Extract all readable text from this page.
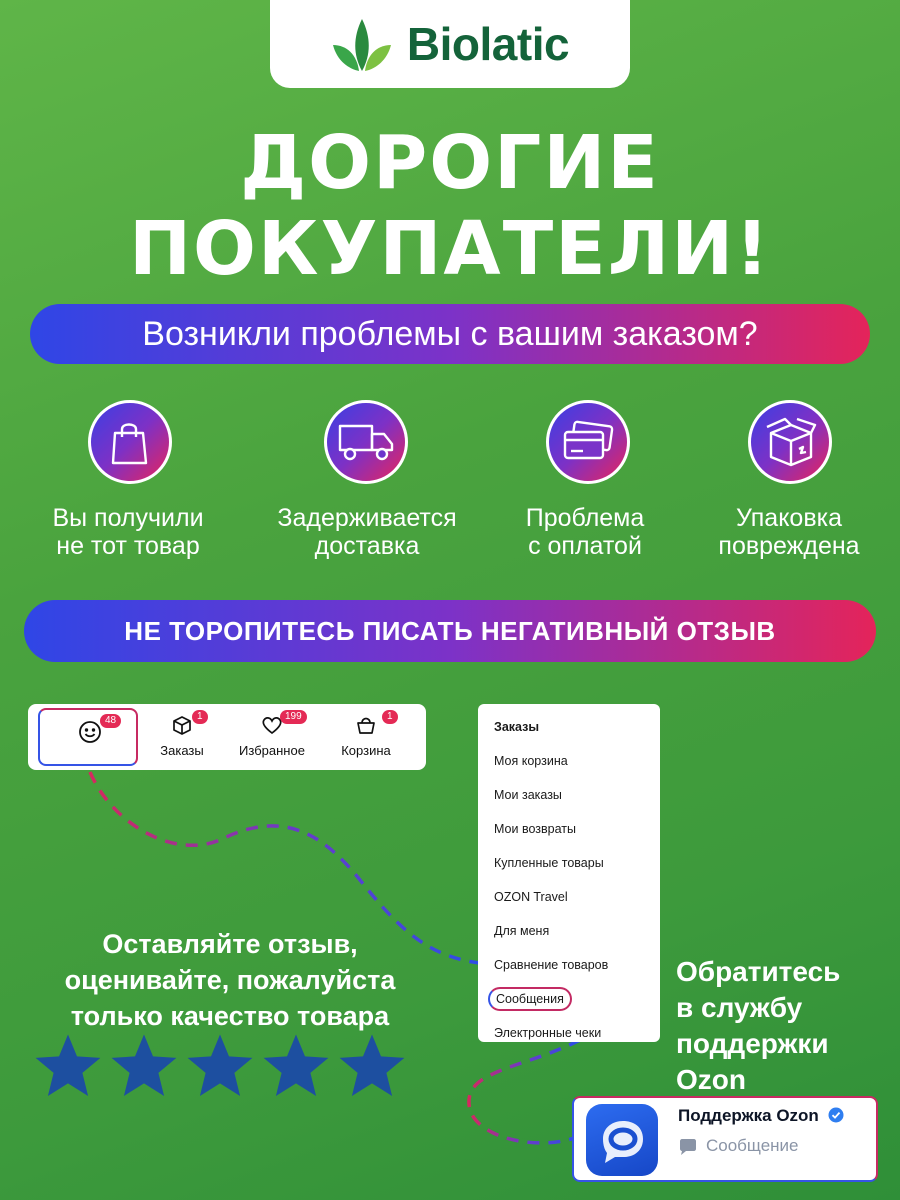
Biolatic
ДОРОГИЕ
ПОКУПАТЕЛИ!
Возникли проблемы с вашим заказом?
Вы получили
не тот товар
Задерживается
доставка
Проблема
с оплатой
Упаковка
повреждена
НЕ ТОРОПИТЕСЬ ПИСАТЬ НЕГАТИВНЫЙ ОТЗЫВ
48
Заказы
1
Избранное
199
Корзина
1
Заказы
Моя корзина
Мои заказы
Мои возвраты
Купленные товары
OZON Travel
Для меня
Сравнение товаров
Сообщения
Электронные чеки
Оставляйте отзыв,
оценивайте, пожалуйста
только качество товара
Обратитесь
в службу
поддержки
Ozon
Поддержка Ozon
Сообщение
